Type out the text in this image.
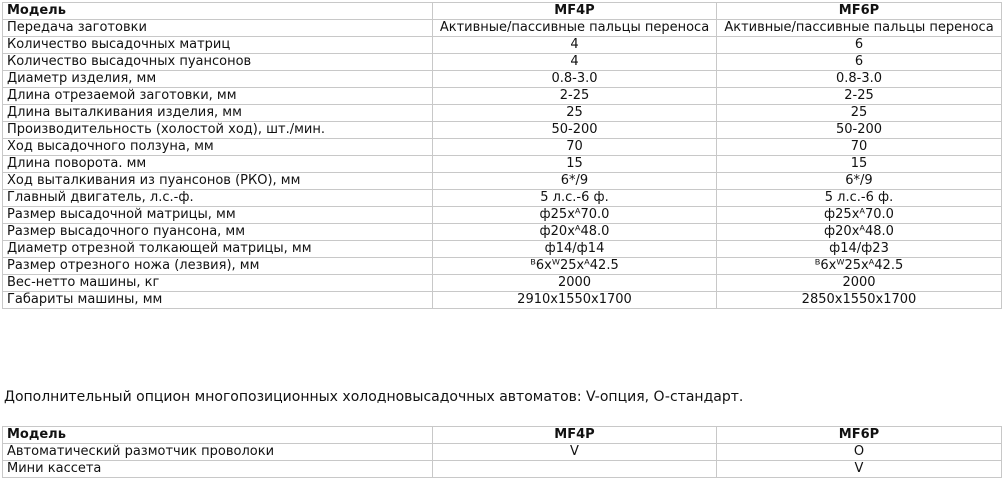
Модель	MF4P	MF6P
Передача заготовки	Активные/пассивные пальцы переноса	Активные/пассивные пальцы переноса
Количество высадочных матриц	4	6
Количество высадочных пуансонов	4	6
Диаметр изделия, мм	0.8-3.0	0.8-3.0
Длина отрезаемой заготовки, мм	2-25	2-25
Длина выталкивания изделия, мм	25	25
Производительность (холостой ход), шт./мин.	50-200	50-200
Ход высадочного ползуна, мм	70	70
Длина поворота. мм	15	15
Ход выталкивания из пуансонов (РКО), мм	6*/9	6*/9
Главный двигатель, л.с.-ф.	5 л.с.-6 ф.	5 л.с.-6 ф.
Размер высадочной матрицы, мм	ф25хᴬ70.0	ф25хᴬ70.0
Размер высадочного пуансона, мм	ф20хᴬ48.0	ф20хᴬ48.0
Диаметр отрезной толкающей матрицы, мм	ф14/ф14	ф14/ф23
Размер отрезного ножа (лезвия), мм	ᴮ6хᵂ25хᴬ42.5	ᴮ6хᵂ25хᴬ42.5
Вес-нетто машины, кг	2000	2000
Габариты машины, мм	2910x1550x1700	2850x1550x1700
Дополнительный опцион многопозиционных холодновысадочных автоматов: V-опция, O-стандарт.
Модель	MF4P	MF6P
Автоматический размотчик проволоки	V	O
Мини кассета		V
